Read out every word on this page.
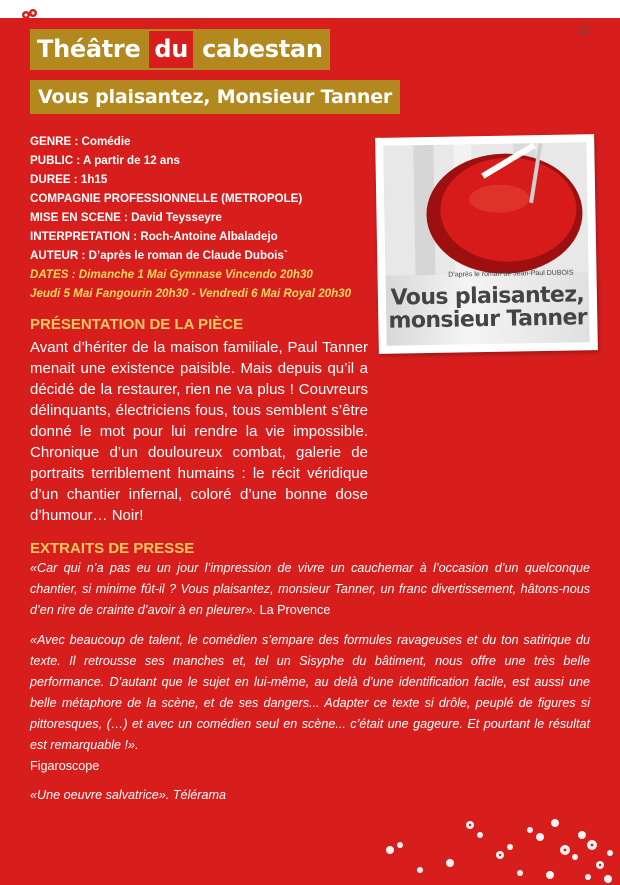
17
Théâtre du cabestan
Vous plaisantez, Monsieur Tanner
GENRE : Comédie
PUBLIC : A partir de 12 ans
DUREE : 1h15
COMPAGNIE PROFESSIONNELLE (METROPOLE)
MISE EN SCENE : David Teysseyre
INTERPRETATION : Roch-Antoine Albaladejo
AUTEUR : D’après le roman de Claude Dubois`
DATES : Dimanche 1 Mai Gymnase Vincendo 20h30
Jeudi 5 Mai Fangourin 20h30 - Vendredi 6 Mai Royal 20h30
D’après le roman de Jean-Paul DUBOIS
Vous plaisantez,
monsieur Tanner
PRÉSENTATION DE LA PIÈCE
Avant d’hériter de la maison familiale, Paul Tanner menait une existence paisible. Mais depuis qu’il a décidé de la restaurer, rien ne va plus ! Couvreurs délinquants, électriciens fous, tous semblent s’être donné le mot pour lui rendre la vie impossible. Chronique d’un douloureux combat, galerie de portraits terriblement humains : le récit véridique d’un chantier infernal, coloré d’une bonne dose d’humour… Noir!
EXTRAITS DE PRESSE
«Car qui n’a pas eu un jour l’impression de vivre un cauchemar à l’occasion d’un quelconque chantier, si minime fût-il ? Vous plaisantez, monsieur Tanner, un franc divertissement, hâtons-nous d’en rire de crainte d’avoir à en pleurer». La Provence
«Avec beaucoup de talent, le comédien s’empare des formules ravageuses et du ton satirique du texte. Il retrousse ses manches et, tel un Sisyphe du bâtiment, nous offre une très belle performance. D’autant que le sujet en lui-même, au delà d’une identification facile, est aussi une belle métaphore de la scène, et de ses dangers... Adapter ce texte si drôle, peuplé de figures si pittoresques, (…) et avec un comédien seul en scène... c’était une gageure. Et pourtant le résultat est remarquable !».
Figaroscope
«Une oeuvre salvatrice». Télérama
